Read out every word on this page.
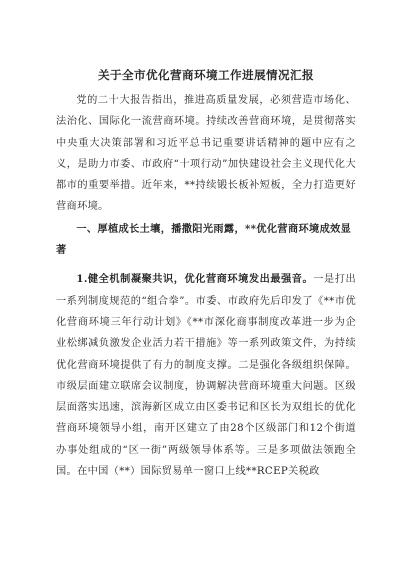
关于全市优化营商环境工作进展情况汇报

党的二十大报告指出，推进高质量发展，必须营造市场化、法治化、国际化一流营商环境。持续改善营商环境，是贯彻落实中央重大决策部署和习近平总书记重要讲话精神的题中应有之义，是助力市委、市政府“十项行动”加快建设社会主义现代化大都市的重要举措。近年来，**持续锻长板补短板，全力打造更好营商环境。

一、厚植成长土壤，播撒阳光雨露，**优化营商环境成效显著

1.健全机制凝聚共识，优化营商环境发出最强音。一是打出一系列制度规范的“组合拳”。市委、市政府先后印发了《**市优化营商环境三年行动计划》《**市深化商事制度改革进一步为企业松绑减负激发企业活力若干措施》等一系列政策文件，为持续优化营商环境提供了有力的制度支撑。二是强化各级组织保障。市级层面建立联席会议制度，协调解决营商环境重大问题。区级层面落实迅速，滨海新区成立由区委书记和区长为双组长的优化营商环境领导小组，南开区建立了由28个区级部门和12个街道办事处组成的“区一街”两级领导体系等。三是多项做法领跑全国。在中国（**）国际贸易单一窗口上线**RCEP关税政
